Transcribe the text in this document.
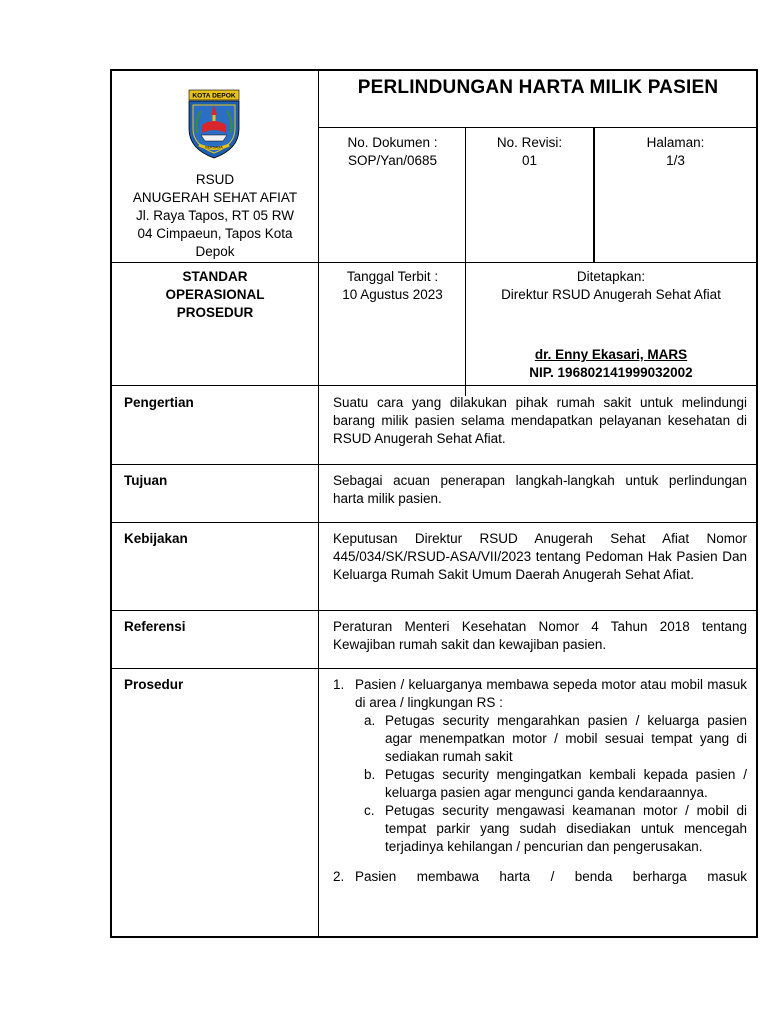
KOTA DEPOK
BERSAMA
RSUD
ANUGERAH SEHAT AFIAT
Jl. Raya Tapos, RT 05 RW 04 Cimpaeun, Tapos Kota Depok
PERLINDUNGAN HARTA MILIK PASIEN
No. Dokumen :
SOP/Yan/0685
No. Revisi:
01
Halaman:
1/3
STANDAR
OPERASIONAL
PROSEDUR
Tanggal Terbit :
10 Agustus 2023
Ditetapkan:
Direktur RSUD Anugerah Sehat Afiat
dr. Enny Ekasari, MARS
NIP. 196802141999032002
Pengertian	Suatu cara yang dilakukan pihak rumah sakit untuk melindungi barang milik pasien selama mendapatkan pelayanan kesehatan di RSUD Anugerah Sehat Afiat.
Tujuan	Sebagai acuan penerapan langkah-langkah untuk perlindungan harta milik pasien.
Kebijakan	Keputusan Direktur RSUD Anugerah Sehat Afiat Nomor 445/034/SK/RSUD-ASA/VII/2023 tentang Pedoman Hak Pasien Dan Keluarga Rumah Sakit Umum Daerah Anugerah Sehat Afiat.
Referensi	Peraturan Menteri Kesehatan Nomor 4 Tahun 2018 tentang Kewajiban rumah sakit dan kewajiban pasien.
Prosedur	1. Pasien / keluarganya membawa sepeda motor atau mobil masuk di area / lingkungan RS :
a. Petugas security mengarahkan pasien / keluarga pasien agar menempatkan motor / mobil sesuai tempat yang di sediakan rumah sakit
b. Petugas security mengingatkan kembali kepada pasien / keluarga pasien agar mengunci ganda kendaraannya.
c. Petugas security mengawasi keamanan motor / mobil di tempat parkir yang sudah disediakan untuk mencegah terjadinya kehilangan / pencurian dan pengerusakan.
2. Pasien membawa harta / benda berharga masuk
